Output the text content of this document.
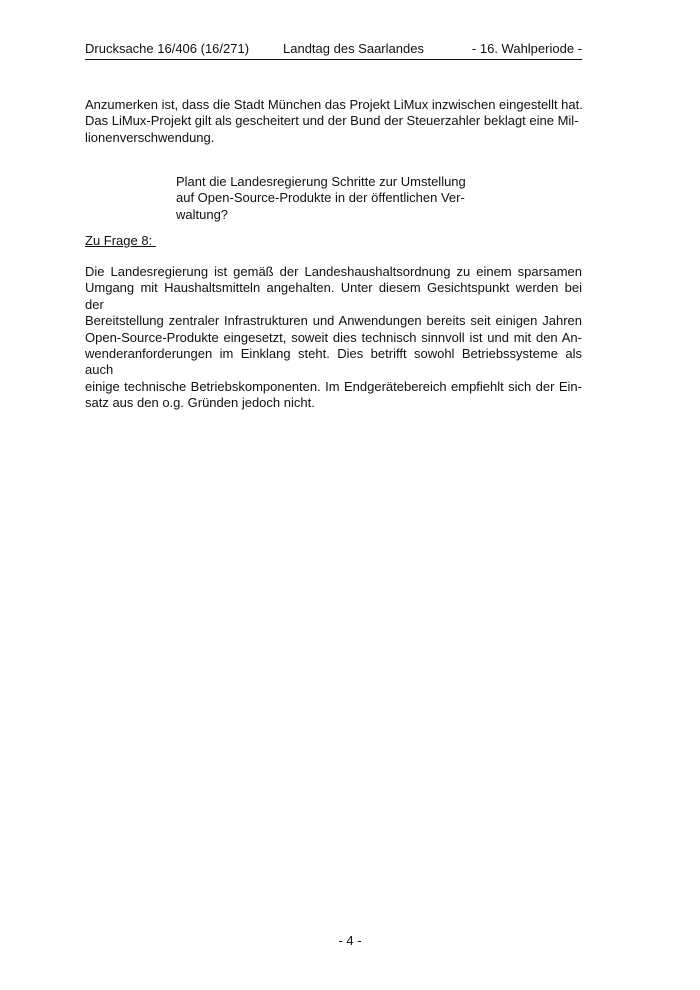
Drucksache 16/406 (16/271)	Landtag des Saarlandes	- 16. Wahlperiode -
Anzumerken ist, dass die Stadt München das Projekt LiMux inzwischen eingestellt hat.
Das LiMux-Projekt gilt als gescheitert und der Bund der Steuerzahler beklagt eine Mil-
lionenverschwendung.
Plant die Landesregierung Schritte zur Umstellung
auf Open-Source-Produkte in der öffentlichen Ver-
waltung?
Zu Frage 8:
Die Landesregierung ist gemäß der Landeshaushaltsordnung zu einem sparsamen
Umgang mit Haushaltsmitteln angehalten. Unter diesem Gesichtspunkt werden bei der
Bereitstellung zentraler Infrastrukturen und Anwendungen bereits seit einigen Jahren
Open-Source-Produkte eingesetzt, soweit dies technisch sinnvoll ist und mit den An-
wenderanforderungen im Einklang steht. Dies betrifft sowohl Betriebssysteme als auch
einige technische Betriebskomponenten. Im Endgerätebereich empfiehlt sich der Ein-
satz aus den o.g. Gründen jedoch nicht.
- 4 -
